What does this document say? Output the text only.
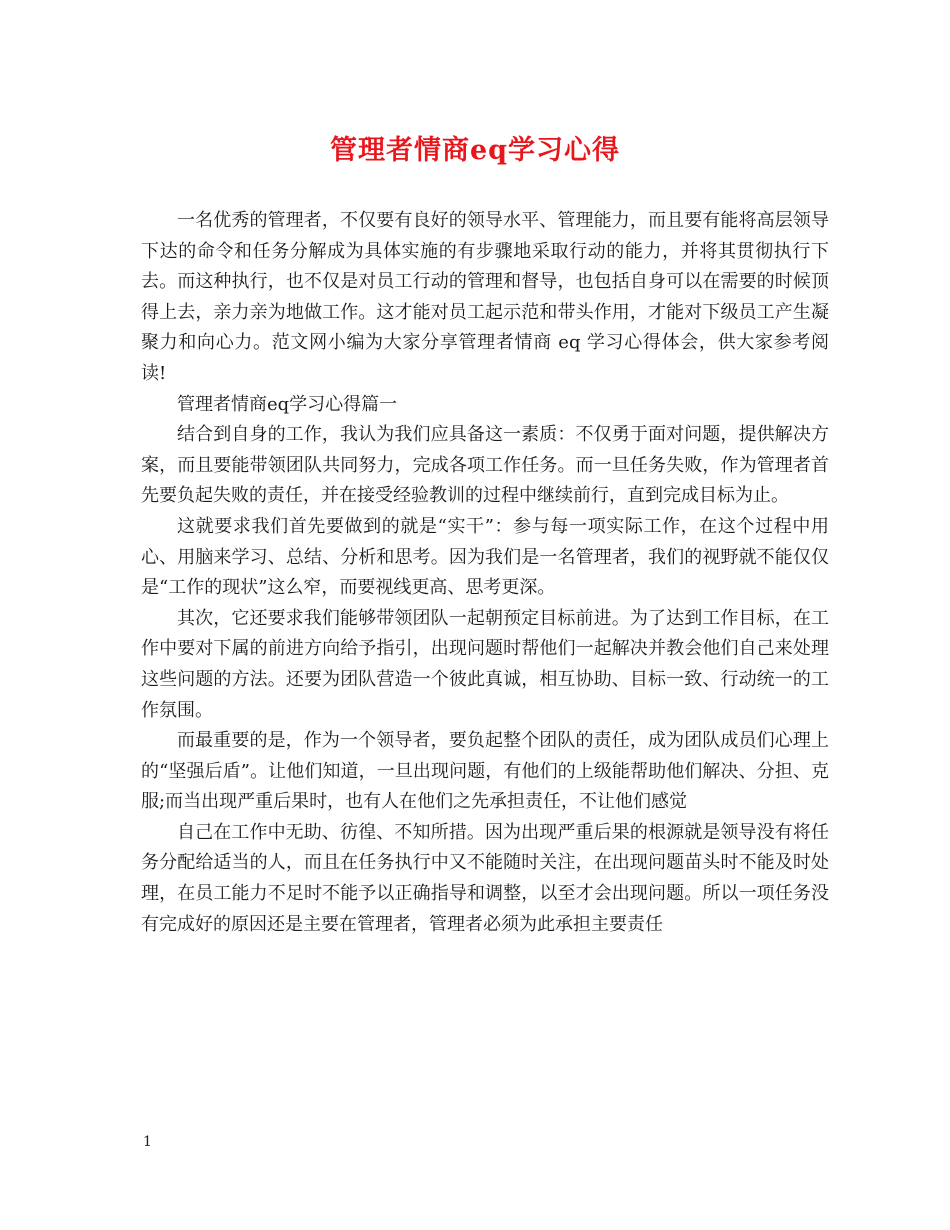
管理者情商eq学习心得

一名优秀的管理者，不仅要有良好的领导水平、管理能力，而且要有能将高层领导下达的命令和任务分解成为具体实施的有步骤地采取行动的能力，并将其贯彻执行下去。而这种执行，也不仅是对员工行动的管理和督导，也包括自身可以在需要的时候顶得上去，亲力亲为地做工作。这才能对员工起示范和带头作用，才能对下级员工产生凝聚力和向心力。范文网小编为大家分享管理者情商 eq 学习心得体会，供大家参考阅读!

管理者情商eq学习心得篇一

结合到自身的工作，我认为我们应具备这一素质：不仅勇于面对问题，提供解决方案，而且要能带领团队共同努力，完成各项工作任务。而一旦任务失败，作为管理者首先要负起失败的责任，并在接受经验教训的过程中继续前行，直到完成目标为止。

这就要求我们首先要做到的就是“实干”：参与每一项实际工作，在这个过程中用心、用脑来学习、总结、分析和思考。因为我们是一名管理者，我们的视野就不能仅仅是“工作的现状”这么窄，而要视线更高、思考更深。

其次，它还要求我们能够带领团队一起朝预定目标前进。为了达到工作目标，在工作中要对下属的前进方向给予指引，出现问题时帮他们一起解决并教会他们自己来处理这些问题的方法。还要为团队营造一个彼此真诚，相互协助、目标一致、行动统一的工作氛围。

而最重要的是，作为一个领导者，要负起整个团队的责任，成为团队成员们心理上的“坚强后盾”。让他们知道，一旦出现问题，有他们的上级能帮助他们解决、分担、克服;而当出现严重后果时，也有人在他们之先承担责任，不让他们感觉

自己在工作中无助、彷徨、不知所措。因为出现严重后果的根源就是领导没有将任务分配给适当的人，而且在任务执行中又不能随时关注，在出现问题苗头时不能及时处理，在员工能力不足时不能予以正确指导和调整，以至才会出现问题。所以一项任务没有完成好的原因还是主要在管理者，管理者必须为此承担主要责任

1
